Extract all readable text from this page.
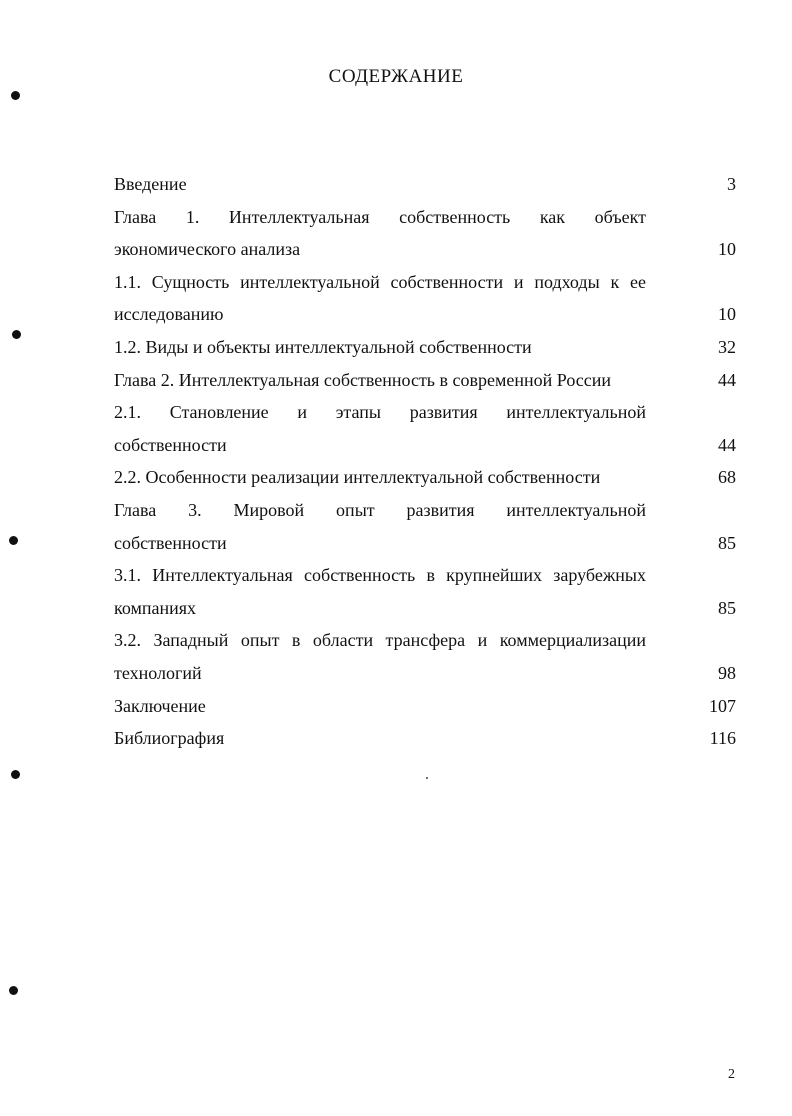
СОДЕРЖАНИЕ
Введение	3
Глава 1. Интеллектуальная собственность как объект
экономического анализа	10
1.1. Сущность интеллектуальной собственности и подходы к ее
исследованию	10
1.2. Виды и объекты интеллектуальной собственности	32
Глава 2. Интеллектуальная собственность в современной России	44
2.1. Становление и этапы развития интеллектуальной
собственности	44
2.2. Особенности реализации интеллектуальной собственности	68
Глава 3. Мировой опыт развития интеллектуальной
собственности	85
3.1. Интеллектуальная собственность в крупнейших зарубежных
компаниях	85
3.2. Западный опыт в области трансфера и коммерциализации
технологий	98
Заключение	107
Библиография	116
2
